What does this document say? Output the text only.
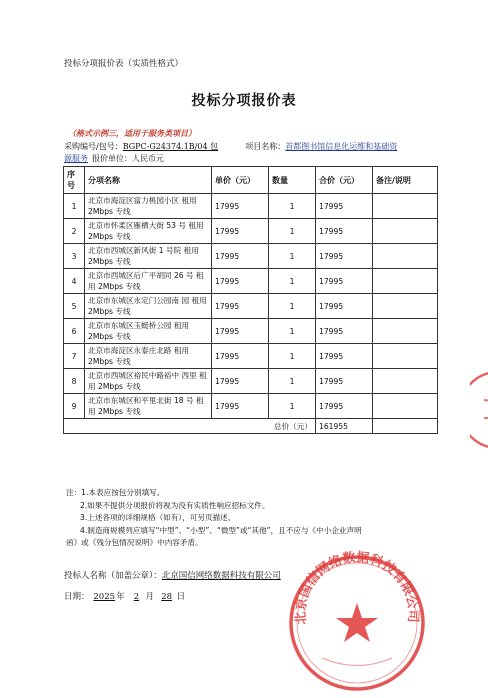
投标分项报价表（实质性格式）
投标分项报价表
（格式示例三，适用于服务类项目）
采购编号/包号：BGPC-G24374.1B/04 包	项目名称：首都图书馆信息化运维和基础资
源服务 报价单位：人民币元
序号	分项名称	单价（元）	数量	合价（元）	备注/说明
1	北京市海淀区富力桃园小区 租用 2Mbps 专线	17995	1	17995	
2	北京市怀柔区雁栖大街 53 号 租用 2Mbps 专线	17995	1	17995	
3	北京市西城区新风街 1 号院 租用 2Mbps 专线	17995	1	17995	
4	北京市西城区后广平胡同 26 号 租用 2Mbps 专线	17995	1	17995	
5	北京市东城区永定门公园南 园 租用 2Mbps 专线	17995	1	17995	
6	北京市东城区玉蜓桥公园 租用 2Mbps 专线	17995	1	17995	
7	北京市海淀区永泰庄北路 租用 2Mbps 专线	17995	1	17995	
8	北京市西城区裕民中路裕中 西里 租用 2Mbps 专线	17995	1	17995	
9	北京市东城区和平里北街 18 号 租用 2Mbps 专线	17995	1	17995	
总价（元）				161955	
注：1.本表应按包分别填写。
2.如果不提供分项报价将视为没有实质性响应招标文件。
3.上述各项的详细规格（如有），可另页描述。
4.制造商规模列应填写“中型”、“小型”、“微型”或“其他”，且不应与《中小企业声明
函》或《残分包情况说明》中内容矛盾。
投标人名称（加盖公章）：北京国信网络数据科技有限公司
日期： 2025年 2 月 28 日
北京国信网络数据科技有限公司
